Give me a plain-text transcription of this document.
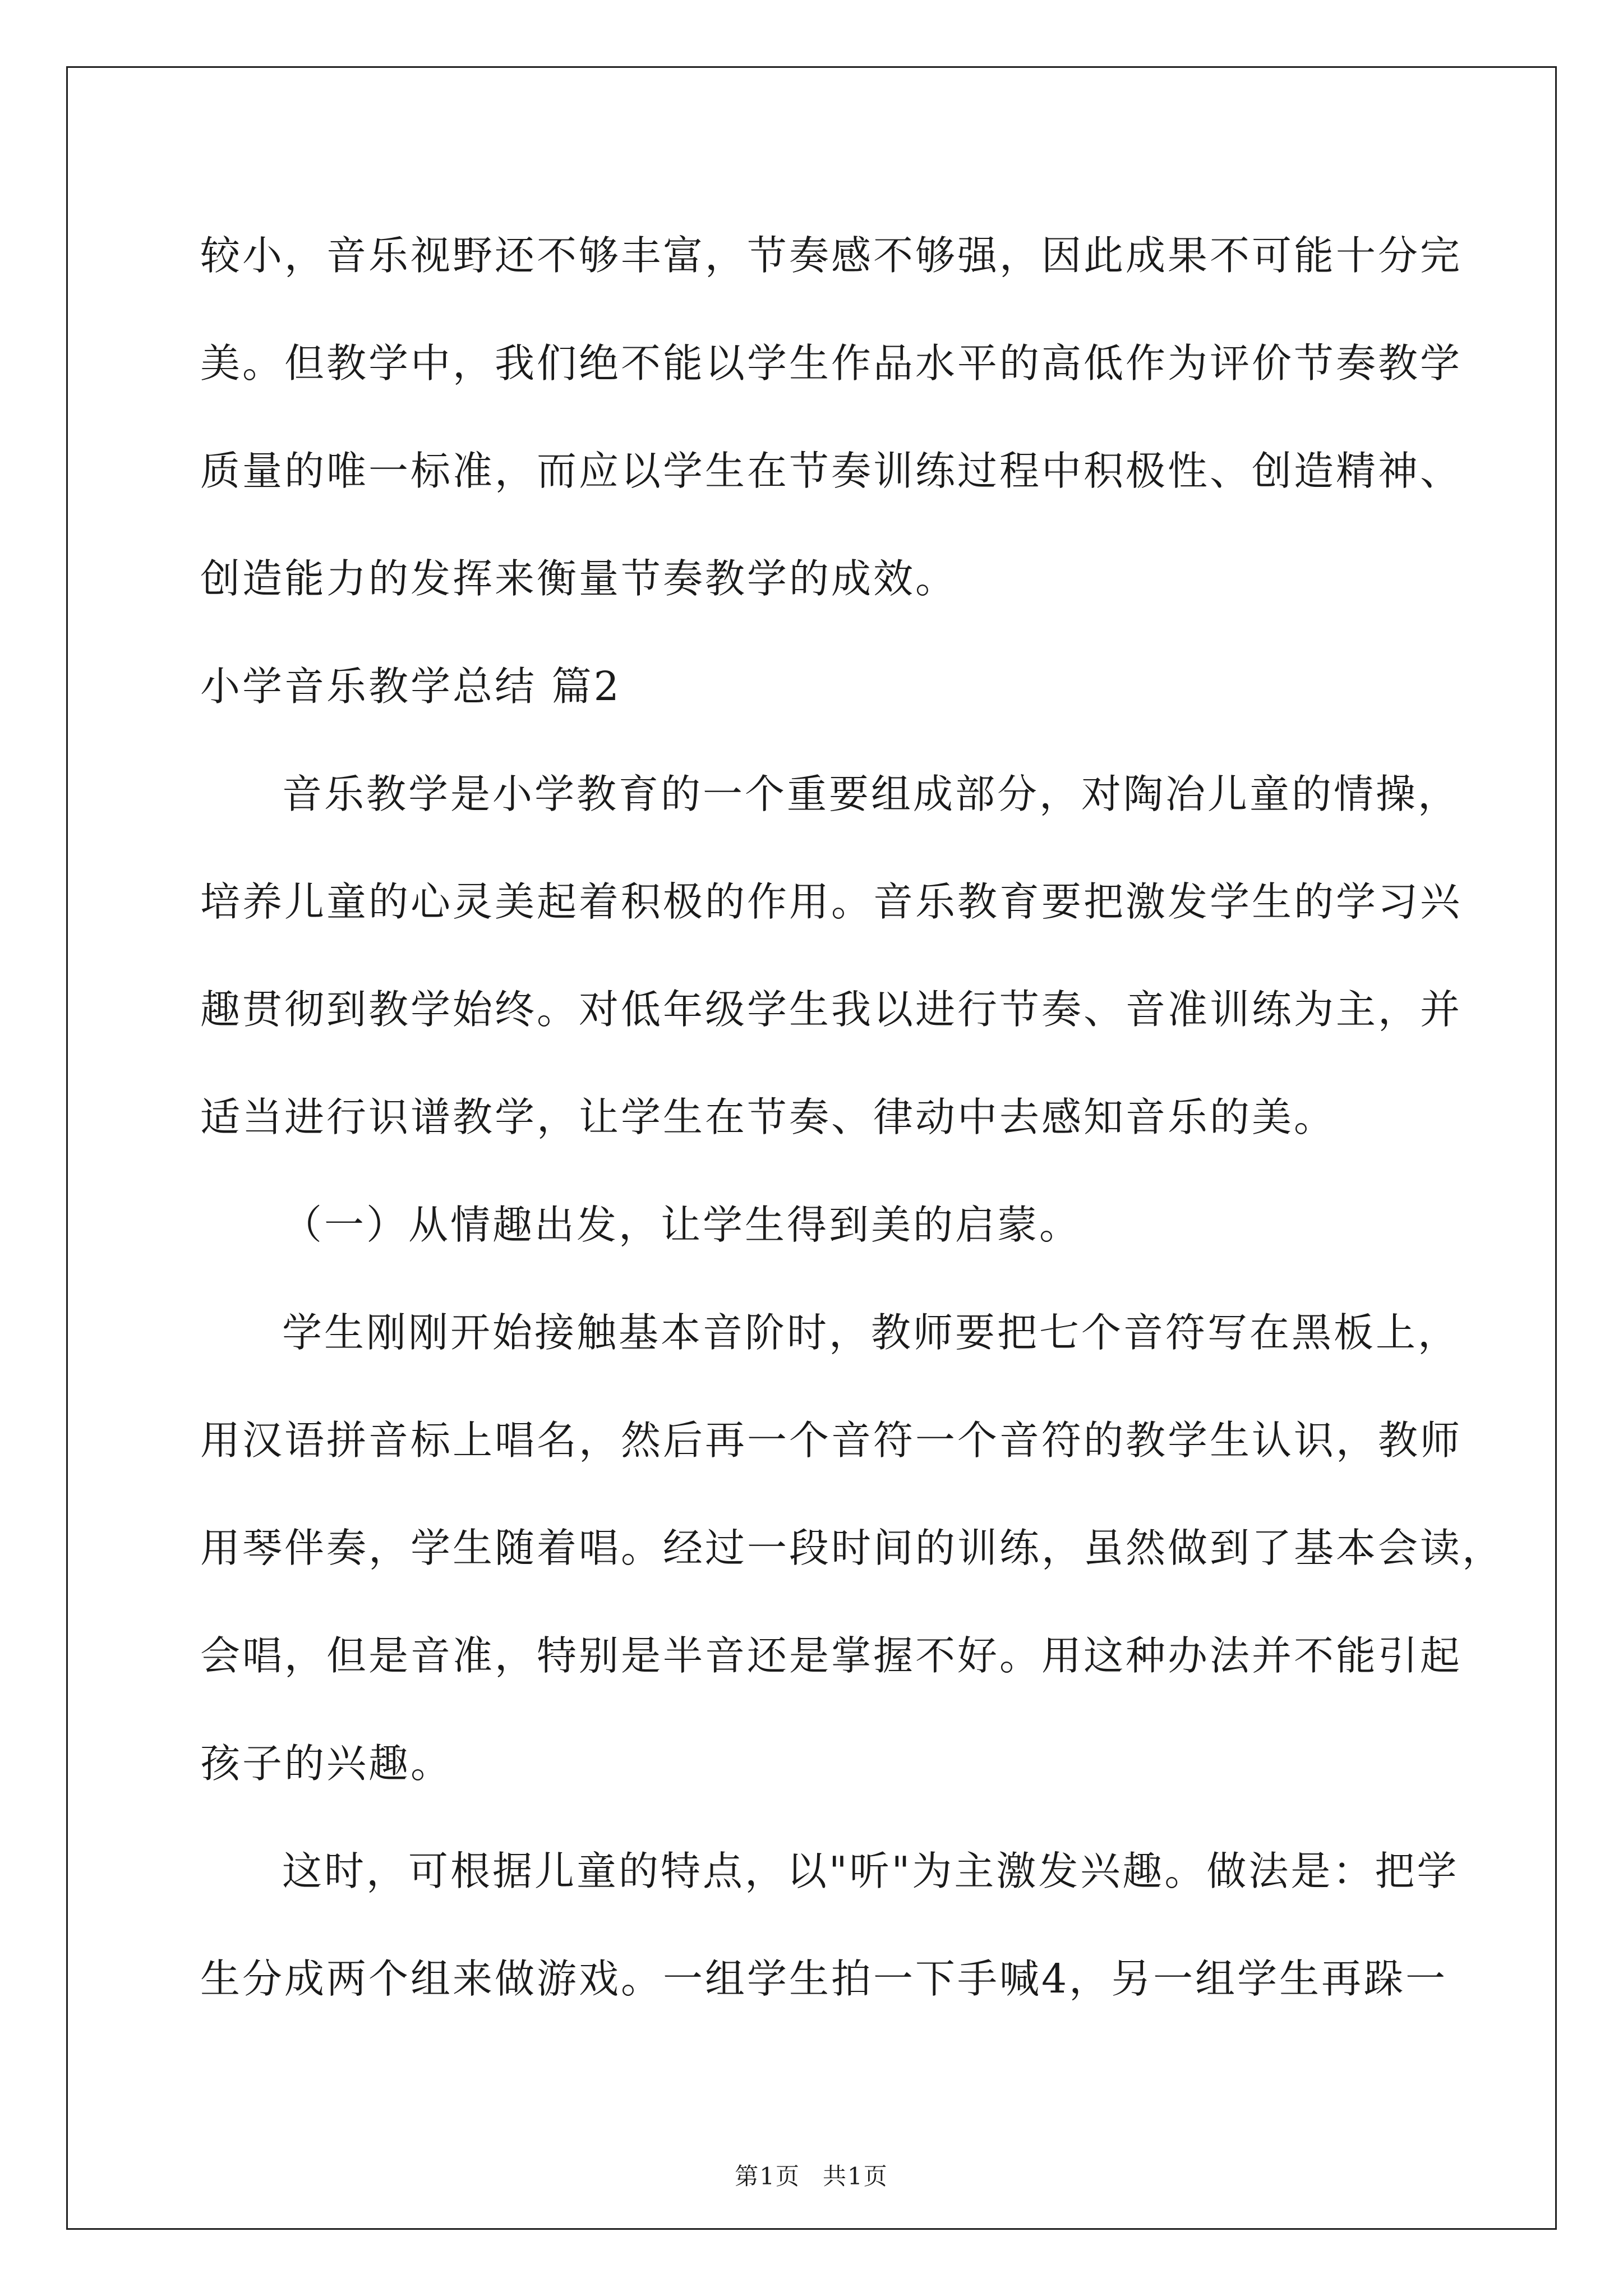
较小，音乐视野还不够丰富，节奏感不够强，因此成果不可能十分完
美。但教学中，我们绝不能以学生作品水平的高低作为评价节奏教学
质量的唯一标准，而应以学生在节奏训练过程中积极性、创造精神、
创造能力的发挥来衡量节奏教学的成效。
小学音乐教学总结 篇2
音乐教学是小学教育的一个重要组成部分，对陶冶儿童的情操，
培养儿童的心灵美起着积极的作用。音乐教育要把激发学生的学习兴
趣贯彻到教学始终。对低年级学生我以进行节奏、音准训练为主，并
适当进行识谱教学，让学生在节奏、律动中去感知音乐的美。
（一）从情趣出发，让学生得到美的启蒙。
学生刚刚开始接触基本音阶时，教师要把七个音符写在黑板上，
用汉语拼音标上唱名，然后再一个音符一个音符的教学生认识，教师
用琴伴奏，学生随着唱。经过一段时间的训练，虽然做到了基本会读，
会唱，但是音准，特别是半音还是掌握不好。用这种办法并不能引起
孩子的兴趣。
这时，可根据儿童的特点，以"听"为主激发兴趣。做法是：把学
生分成两个组来做游戏。一组学生拍一下手喊4，另一组学生再跺一
第1页 共1页
